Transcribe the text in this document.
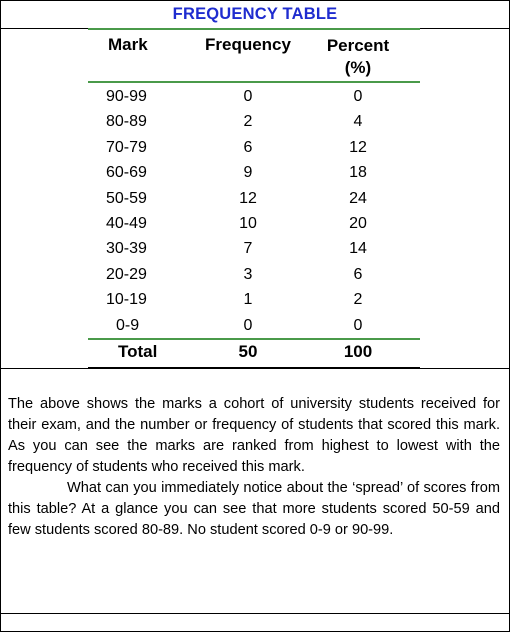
FREQUENCY TABLE
Mark	Frequency	Percent
(%)
90-99	0	0
80-89	2	4
70-79	6	12
60-69	9	18
50-59	12	24
40-49	10	20
30-39	7	14
20-29	3	6
10-19	1	2
0-9	0	0
Total	50	100

The above shows the marks a cohort of university students received for their exam, and the number or frequency of students that scored this mark. As you can see the marks are ranked from highest to lowest with the frequency of students who received this mark.

What can you immediately notice about the ‘spread’ of scores from this table? At a glance you can see that more students scored 50-59 and few students scored 80-89. No student scored 0-9 or 90-99.
